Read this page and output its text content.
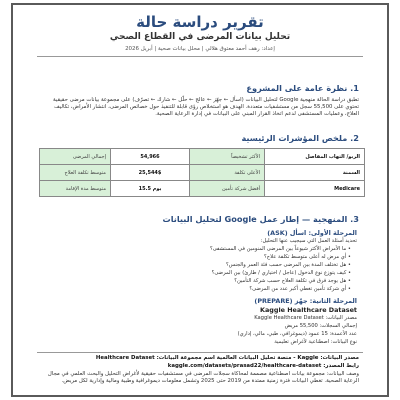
تقرير دراسة حالة
تحليل بيانات المرضى في القطاع الصحي
إعداد: رهف أحمد معتوق هلالي | محلل بيانات صحية | أبريل 2026
1. نظرة عامة على المشروع
تطبق دراسة الحالة منهجية Google لتحليل البيانات (اسأل ← جهّز ← عالج ← حلّل ← شارك ← تصرّف) على مجموعة بيانات مرضى حقيقية تحتوي على 55,500 سجل من مستشفيات متعددة. الهدف هو استخلاص رؤى قابلة للتنفيذ حول خصائص المرضى، انتشار الأمراض، تكاليف العلاج، وعمليات المستشفى لدعم اتخاذ القرار المبني على البيانات في إدارة الرعاية الصحية.
2. ملخص المؤشرات الرئيسية
إجمالي المرضى	54,966	الأكثر تشخيصاً	الربو/ التهاب المفاصل
متوسط تكلفة العلاج	25,544$	الأعلى تكلفة	السمنة
متوسط مدة الإقامة	15.5 يوم	أفضل شركة تأمين	Medicare
3. المنهجية — إطار عمل Google لتحليل البيانات
المرحلة الأولى: اسأل (ASK)
تحديد أسئلة العمل التي سيجيب عنها التحليل:
• ما الأمراض الأكثر شيوعاً بين المرضى المنومين في المستشفى؟
• أي مرض له أعلى متوسط تكلفة علاج؟
• هل تختلف المدة بين المرضى حسب فئة العمر والجنس؟
• كيف يتوزع نوع الدخول (عاجل / اختياري / طارئ) بين المرضى؟
• هل يوجد فرق في تكلفة العلاج حسب شركة التأمين؟
• أي شركة تأمين تغطي أكبر عدد من المرضى؟
المرحلة الثانية: جهّز (PREPARE)
Kaggle Healthcare Dataset
مصدر البيانات: Kaggle Healthcare Dataset
إجمالي السجلات: 55,500 مريض
عدد الأعمدة: 15 عمود (ديموغرافي، طبي، مالي، إداري)
نوع البيانات: اصطناعية لأغراض تعليمية
مصدر البيانات: Kaggle - منصة تحليل البيانات العالمية اسم مجموعة البيانات: Healthcare Dataset
رابط المصدر: kaggle.com/datasets/prasad22/healthcare-dataset
وصف البيانات: مجموعة بيانات اصطناعية مصممة لمحاكاة سجلات المرضى في مستشفيات حقيقية لأغراض التحليل والبحث العلمي في مجال الرعاية الصحية. تغطي البيانات فترة زمنية ممتدة من 2019 حتى 2025 وتشمل معلومات ديموغرافية وطبية ومالية وإدارية لكل مريض.
